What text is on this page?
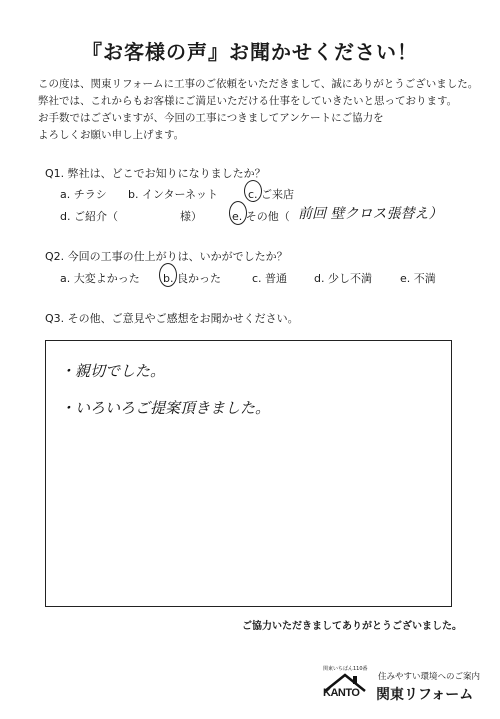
『お客様の声』お聞かせください！
この度は、関東リフォームに工事のご依頼をいただきまして、誠にありがとうございました。
弊社では、これからもお客様にご満足いただける仕事をしていきたいと思っております。
お手数ではございますが、今回の工事につきましてアンケートにご協力を
よろしくお願い申し上げます。
Q1. 弊社は、どこでお知りになりましたか？
a. チラシ b. インターネット	c. ご来店
d. ご紹介（	様）	e. その他（ 前回 壁クロス張替え）
Q2. 今回の工事の仕上がりは、いかがでしたか？
a. 大変よかった b. 良かった	c. 普通 d. 少し不満	e. 不満
Q3. その他、ご意見やご感想をお聞かせください。
・親切でした。
・いろいろご提案頂きました。
ご協力いただきましてありがとうございました。
関東いちばん110番
KANTO
住みやすい環境へのご案内
関東リフォーム
